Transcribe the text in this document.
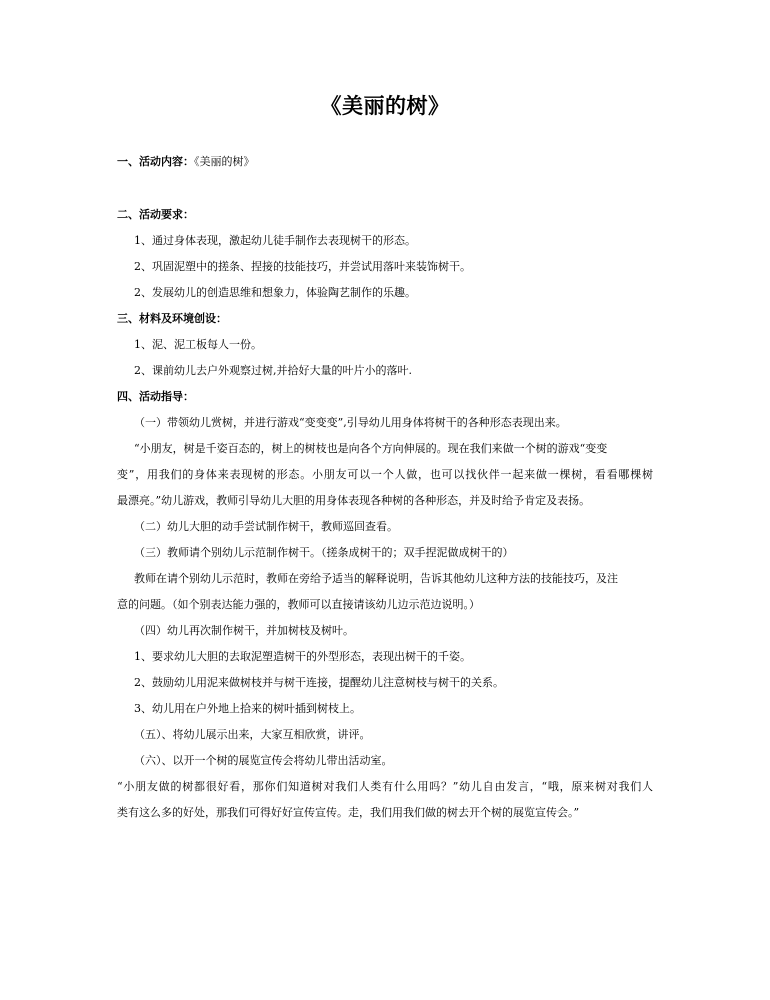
《美丽的树》
一、活动内容：《美丽的树》
二、活动要求：
1、通过身体表现，激起幼儿徒手制作去表现树干的形态。
2、巩固泥塑中的搓条、捏接的技能技巧，并尝试用落叶来装饰树干。
2、发展幼儿的创造思维和想象力，体验陶艺制作的乐趣。
三、材料及环境创设：
1、泥、泥工板每人一份。
2、课前幼儿去户外观察过树,并拾好大量的叶片小的落叶.
四、活动指导：
（一）带领幼儿赏树，并进行游戏“变变变”,引导幼儿用身体将树干的各种形态表现出来。
“小朋友，树是千姿百态的，树上的树枝也是向各个方向伸展的。现在我们来做一个树的游戏“变变
变”，用我们的身体来表现树的形态。小朋友可以一个人做，也可以找伙伴一起来做一棵树，看看哪棵树
最漂亮。”幼儿游戏，教师引导幼儿大胆的用身体表现各种树的各种形态，并及时给予肯定及表扬。
（二）幼儿大胆的动手尝试制作树干，教师巡回查看。
（三）教师请个别幼儿示范制作树干。（搓条成树干的；双手捏泥做成树干的）
教师在请个别幼儿示范时，教师在旁给予适当的解释说明，告诉其他幼儿这种方法的技能技巧，及注
意的问题。（如个别表达能力强的，教师可以直接请该幼儿边示范边说明。）
（四）幼儿再次制作树干，并加树枝及树叶。
1、要求幼儿大胆的去取泥塑造树干的外型形态，表现出树干的千姿。
2、鼓励幼儿用泥来做树枝并与树干连接，提醒幼儿注意树枝与树干的关系。
3、幼儿用在户外地上拾来的树叶插到树枝上。
（五）、将幼儿展示出来，大家互相欣赏，讲评。
（六）、以开一个树的展览宣传会将幼儿带出活动室。
“小朋友做的树都很好看，那你们知道树对我们人类有什么用吗？”幼儿自由发言，“哦，原来树对我们人
类有这么多的好处，那我们可得好好宣传宣传。走，我们用我们做的树去开个树的展览宣传会。”
